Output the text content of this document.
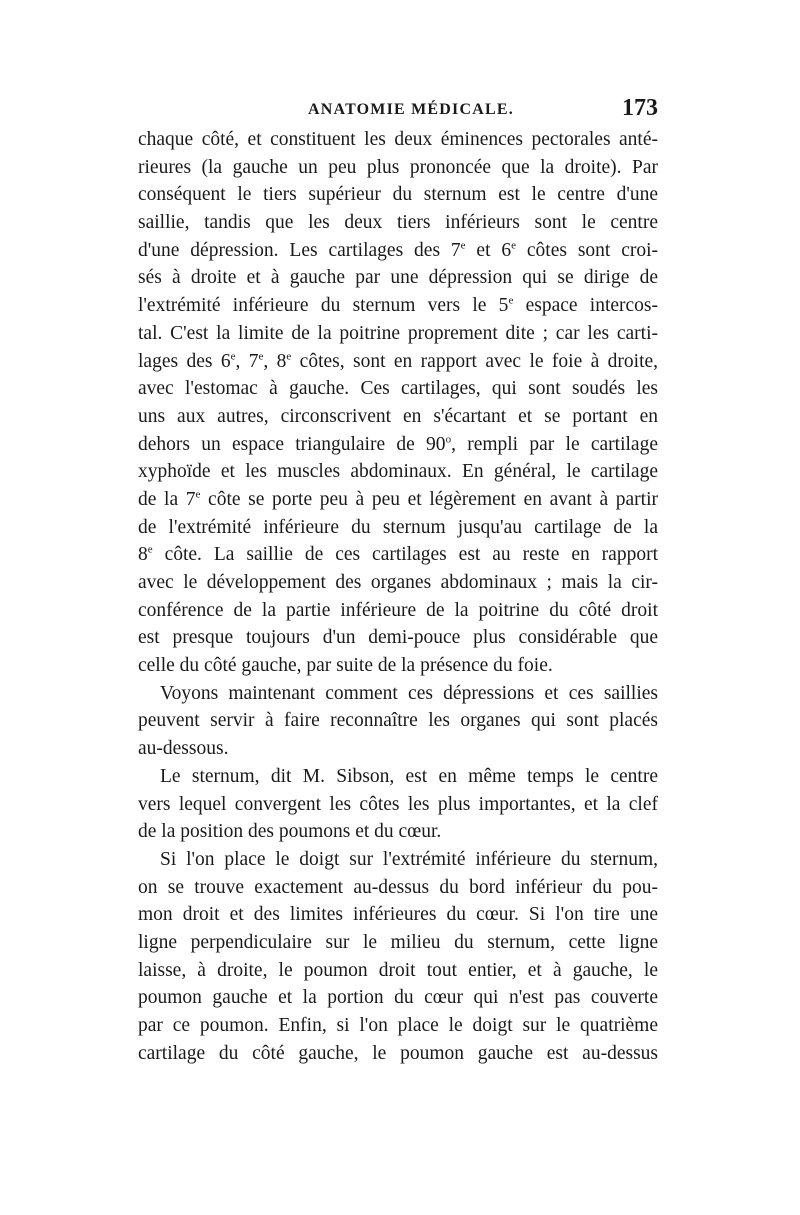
ANATOMIE MÉDICALE.	173
chaque côté, et constituent les deux éminences pectorales anté-
rieures (la gauche un peu plus prononcée que la droite). Par
conséquent le tiers supérieur du sternum est le centre d'une
saillie, tandis que les deux tiers inférieurs sont le centre
d'une dépression. Les cartilages des 7e et 6e côtes sont croi-
sés à droite et à gauche par une dépression qui se dirige de
l'extrémité inférieure du sternum vers le 5e espace intercos-
tal. C'est la limite de la poitrine proprement dite ; car les carti-
lages des 6e, 7e, 8e côtes, sont en rapport avec le foie à droite,
avec l'estomac à gauche. Ces cartilages, qui sont soudés les
uns aux autres, circonscrivent en s'écartant et se portant en
dehors un espace triangulaire de 90$^o$, rempli par le cartilage
xyphoïde et les muscles abdominaux. En général, le cartilage
de la 7e côte se porte peu à peu et légèrement en avant à partir
de l'extrémité inférieure du sternum jusqu'au cartilage de la
8e côte. La saillie de ces cartilages est au reste en rapport
avec le développement des organes abdominaux ; mais la cir-
conférence de la partie inférieure de la poitrine du côté droit
est presque toujours d'un demi-pouce plus considérable que
celle du côté gauche, par suite de la présence du foie.
Voyons maintenant comment ces dépressions et ces saillies
peuvent servir à faire reconnaître les organes qui sont placés
au-dessous.
Le sternum, dit M. Sibson, est en même temps le centre
vers lequel convergent les côtes les plus importantes, et la clef
de la position des poumons et du cœur.
Si l'on place le doigt sur l'extrémité inférieure du sternum,
on se trouve exactement au-dessus du bord inférieur du pou-
mon droit et des limites inférieures du cœur. Si l'on tire une
ligne perpendiculaire sur le milieu du sternum, cette ligne
laisse, à droite, le poumon droit tout entier, et à gauche, le
poumon gauche et la portion du cœur qui n'est pas couverte
par ce poumon. Enfin, si l'on place le doigt sur le quatrième
cartilage du côté gauche, le poumon gauche est au-dessus
